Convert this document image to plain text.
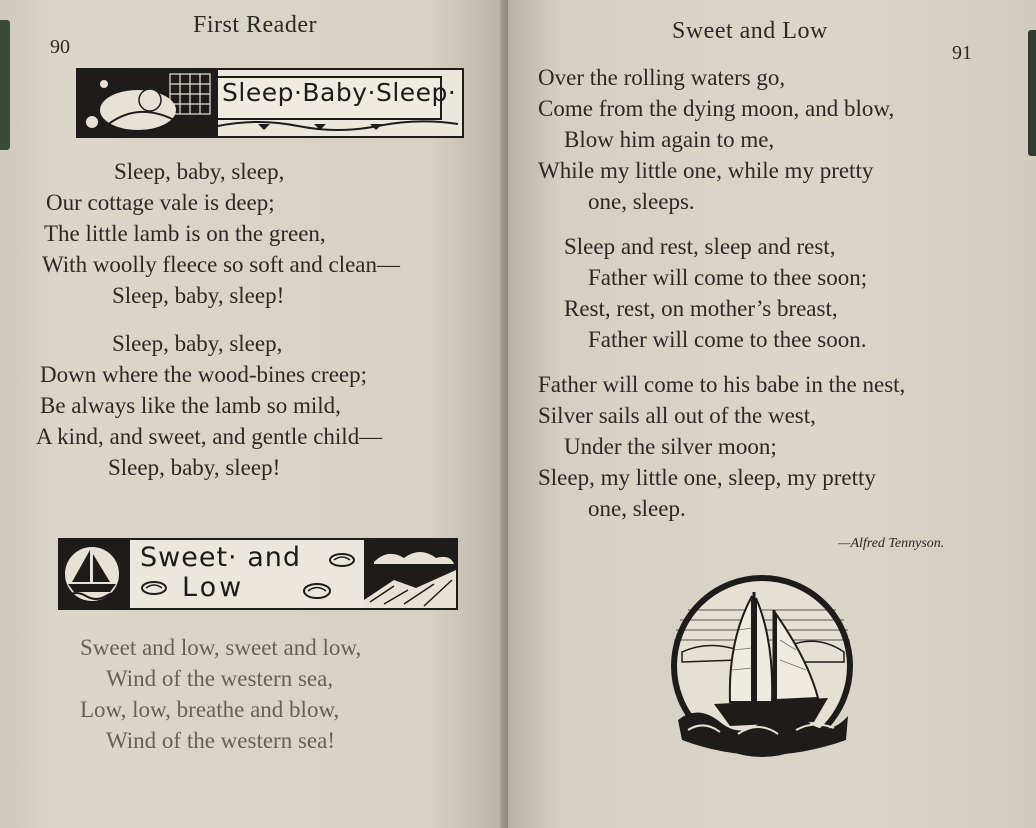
90
First Reader
Sleep·Baby·Sleep·
Sleep, baby, sleep,
Our cottage vale is deep;
The little lamb is on the green,
With woolly fleece so soft and clean—
Sleep, baby, sleep!
Sleep, baby, sleep,
Down where the wood-bines creep;
Be always like the lamb so mild,
A kind, and sweet, and gentle child—
Sleep, baby, sleep!
Sweet· and
Low
Sweet and low, sweet and low,
Wind of the western sea,
Low, low, breathe and blow,
Wind of the western sea!
Sweet and Low
91
Over the rolling waters go,
Come from the dying moon, and blow,
Blow him again to me,
While my little one, while my pretty
one, sleeps.
Sleep and rest, sleep and rest,
Father will come to thee soon;
Rest, rest, on mother’s breast,
Father will come to thee soon.
Father will come to his babe in the nest,
Silver sails all out of the west,
Under the silver moon;
Sleep, my little one, sleep, my pretty
one, sleep.
—Alfred Tennyson.
